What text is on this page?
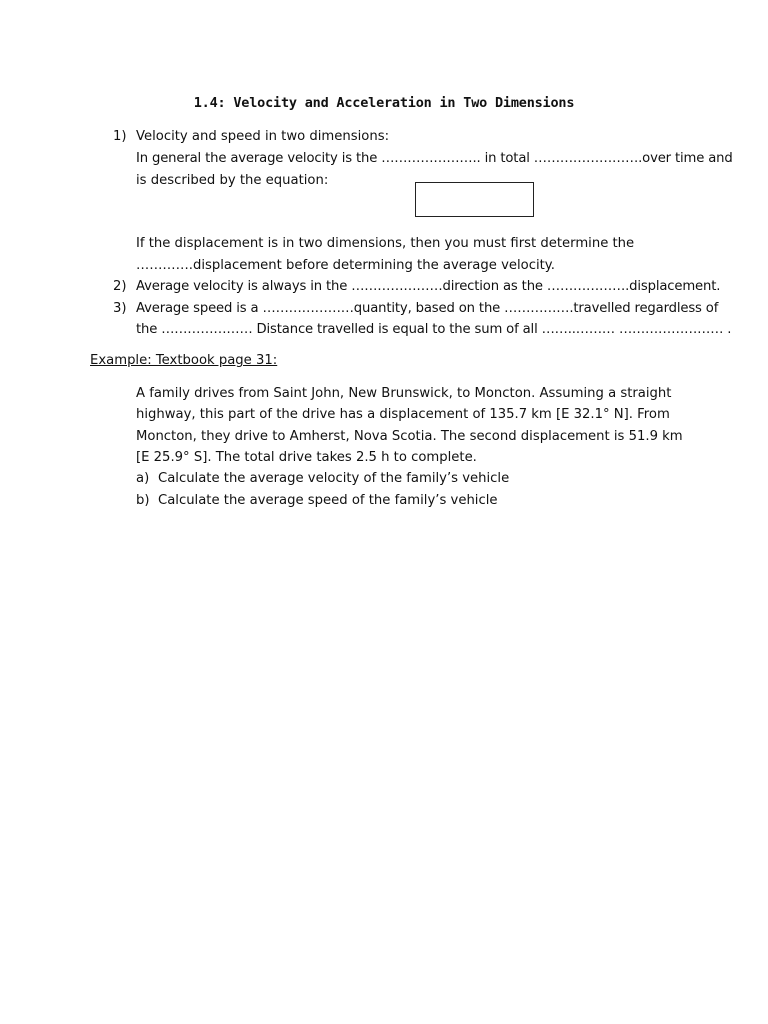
1.4: Velocity and Acceleration in Two Dimensions
1) Velocity and speed in two dimensions:
In general the average velocity is the ………………….. in total …………………….over time and
is described by the equation:
If the displacement is in two dimensions, then you must first determine the
………….displacement before determining the average velocity.
2) Average velocity is always in the …………………direction as the ……………….displacement.
3) Average speed is a …………………quantity, based on the …………….travelled regardless of
the ………………… Distance travelled is equal to the sum of all ……..……… …………………… .
Example: Textbook page 31:
A family drives from Saint John, New Brunswick, to Moncton. Assuming a straight
highway, this part of the drive has a displacement of 135.7 km [E 32.1° N]. From
Moncton, they drive to Amherst, Nova Scotia. The second displacement is 51.9 km
[E 25.9° S]. The total drive takes 2.5 h to complete.
a) Calculate the average velocity of the family’s vehicle
b) Calculate the average speed of the family’s vehicle
